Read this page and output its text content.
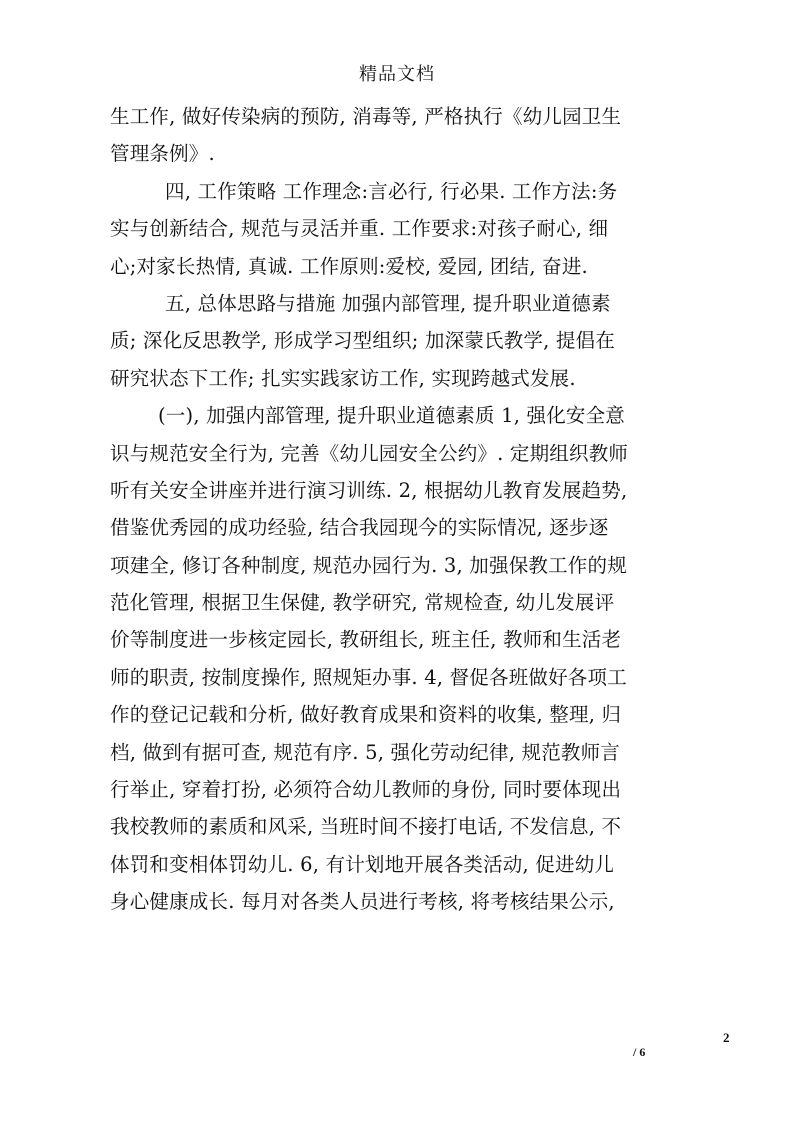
精品文档
生工作, 做好传染病的预防, 消毒等, 严格执行《幼儿园卫生
管理条例》.
四, 工作策略 工作理念:言必行, 行必果. 工作方法:务
实与创新结合, 规范与灵活并重. 工作要求:对孩子耐心, 细
心;对家长热情, 真诚. 工作原则:爱校, 爱园, 团结, 奋进.
五, 总体思路与措施 加强内部管理, 提升职业道德素
质; 深化反思教学, 形成学习型组织; 加深蒙氏教学, 提倡在
研究状态下工作; 扎实实践家访工作, 实现跨越式发展.
(一), 加强内部管理, 提升职业道德素质 1, 强化安全意
识与规范安全行为, 完善《幼儿园安全公约》. 定期组织教师
听有关安全讲座并进行演习训练. 2, 根据幼儿教育发展趋势,
借鉴优秀园的成功经验, 结合我园现今的实际情况, 逐步逐
项建全, 修订各种制度, 规范办园行为. 3, 加强保教工作的规
范化管理, 根据卫生保健, 教学研究, 常规检查, 幼儿发展评
价等制度进一步核定园长, 教研组长, 班主任, 教师和生活老
师的职责, 按制度操作, 照规矩办事. 4, 督促各班做好各项工
作的登记记载和分析, 做好教育成果和资料的收集, 整理, 归
档, 做到有据可查, 规范有序. 5, 强化劳动纪律, 规范教师言
行举止, 穿着打扮, 必须符合幼儿教师的身份, 同时要体现出
我校教师的素质和风采, 当班时间不接打电话, 不发信息, 不
体罚和变相体罚幼儿. 6, 有计划地开展各类活动, 促进幼儿
身心健康成长. 每月对各类人员进行考核, 将考核结果公示,
2
/ 6
